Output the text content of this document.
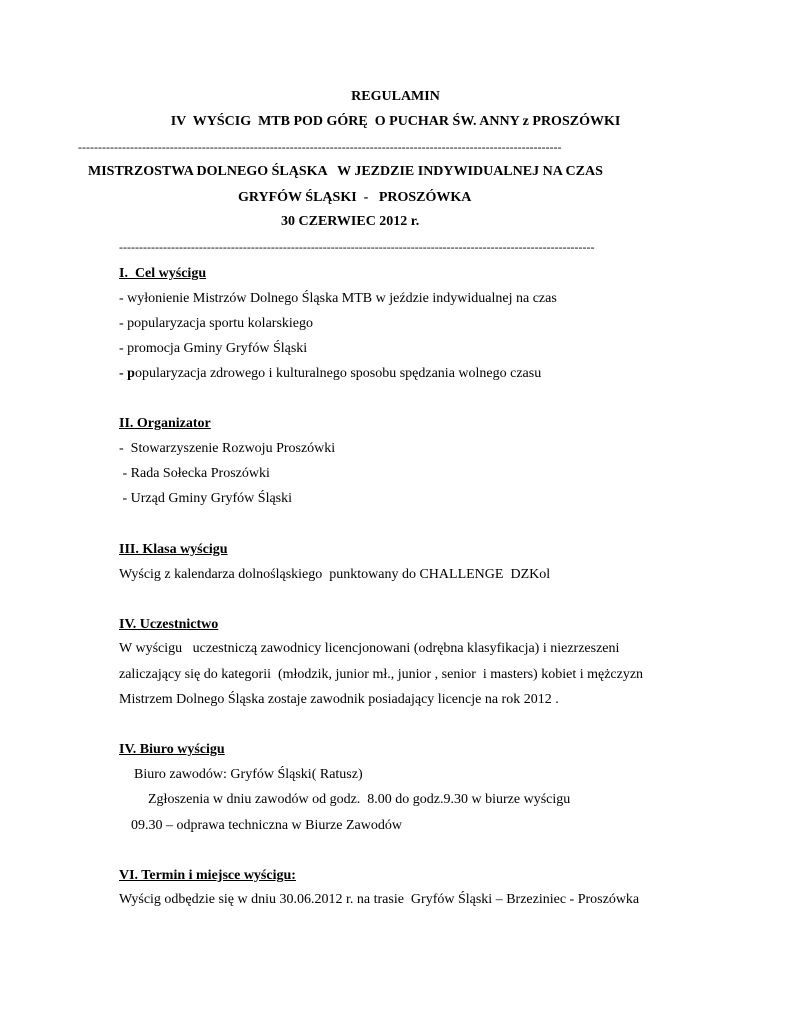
REGULAMIN
IV  WYŚCIG  MTB POD GÓRĘ  O PUCHAR ŚW. ANNY z PROSZÓWKI
-------------------------------------------------------------------------------------------------------------------------
MISTRZOSTWA DOLNEGO ŚLĄSKA   W JEZDZIE INDYWIDUALNEJ NA CZAS
GRYFÓW ŚLĄSKI  -   PROSZÓWKA
30 CZERWIEC 2012 r.
-----------------------------------------------------------------------------------------------------------------------
I.  Cel wyścigu
- wyłonienie Mistrzów Dolnego Śląska MTB w jeździe indywidualnej na czas
- popularyzacja sportu kolarskiego
- promocja Gminy Gryfów Śląski
- popularyzacja zdrowego i kulturalnego sposobu spędzania wolnego czasu
II. Organizator
-  Stowarzyszenie Rozwoju Proszówki
- Rada Sołecka Proszówki
- Urząd Gminy Gryfów Śląski
III. Klasa wyścigu
Wyścig z kalendarza dolnośląskiego  punktowany do CHALLENGE  DZKol
IV. Uczestnictwo
W wyścigu   uczestniczą zawodnicy licencjonowani (odrębna klasyfikacja) i niezrzeszeni
zaliczający się do kategorii  (młodzik, junior mł., junior , senior  i masters) kobiet i mężczyzn
Mistrzem Dolnego Śląska zostaje zawodnik posiadający licencje na rok 2012 .
IV. Biuro wyścigu
Biuro zawodów: Gryfów Śląski( Ratusz)
Zgłoszenia w dniu zawodów od godz.  8.00 do godz.9.30 w biurze wyścigu
09.30 – odprawa techniczna w Biurze Zawodów
VI. Termin i miejsce wyścigu:
Wyścig odbędzie się w dniu 30.06.2012 r. na trasie  Gryfów Śląski – Brzeziniec - Proszówka
